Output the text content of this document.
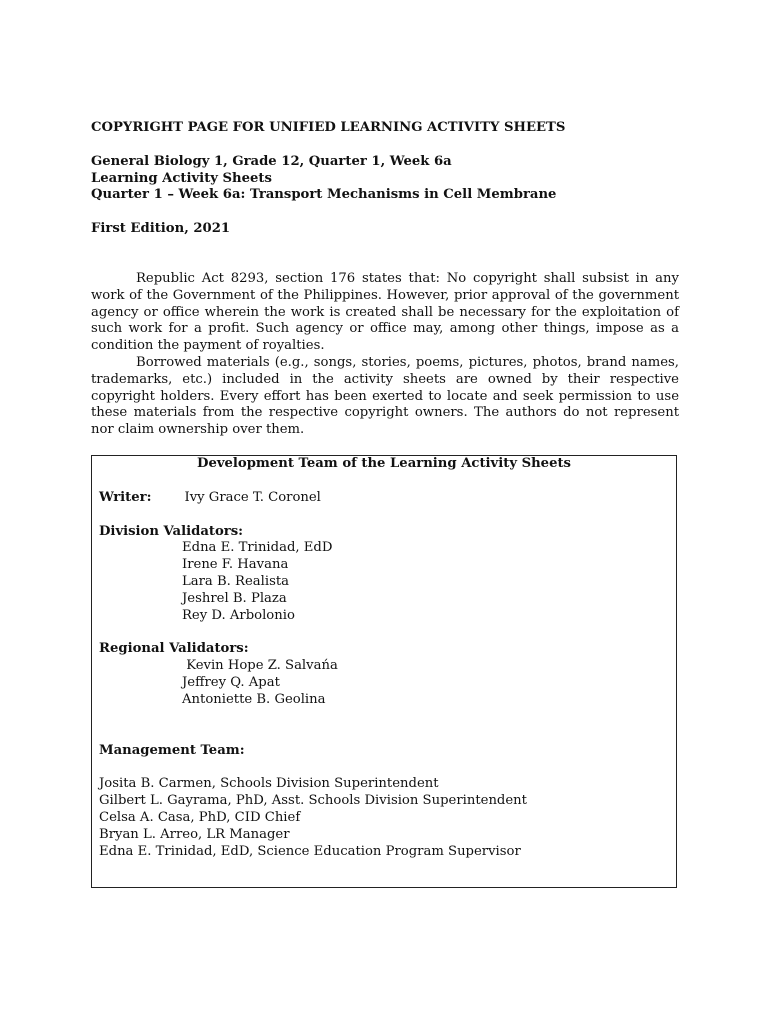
COPYRIGHT PAGE FOR UNIFIED LEARNING ACTIVITY SHEETS

General Biology 1, Grade 12, Quarter 1, Week 6a

Learning Activity Sheets

Quarter 1 – Week 6a: Transport Mechanisms in Cell Membrane

First Edition, 2021

Republic Act 8293, section 176 states that: No copyright shall subsist in any work of the Government of the Philippines. However, prior approval of the government agency or office wherein the work is created shall be necessary for the exploitation of such work for a profit. Such agency or office may, among other things, impose as a condition the payment of royalties.

Borrowed materials (e.g., songs, stories, poems, pictures, photos, brand names, trademarks, etc.) included in the activity sheets are owned by their respective copyright holders. Every effort has been exerted to locate and seek permission to use these materials from the respective copyright owners. The authors do not represent nor claim ownership over them.

Development Team of the Learning Activity Sheets

Writer:	Ivy Grace T. Coronel

Division Validators:

Edna E. Trinidad, EdD
Irene F. Havana
Lara B. Realista
Jeshrel B. Plaza
Rey D. Arbolonio

Regional Validators:

Kevin Hope Z. Salvańa
Jeffrey Q. Apat
Antoniette B. Geolina

Management Team:

Josita B. Carmen, Schools Division Superintendent
Gilbert L. Gayrama, PhD, Asst. Schools Division Superintendent
Celsa A. Casa, PhD, CID Chief
Bryan L. Arreo, LR Manager
Edna E. Trinidad, EdD, Science Education Program Supervisor
